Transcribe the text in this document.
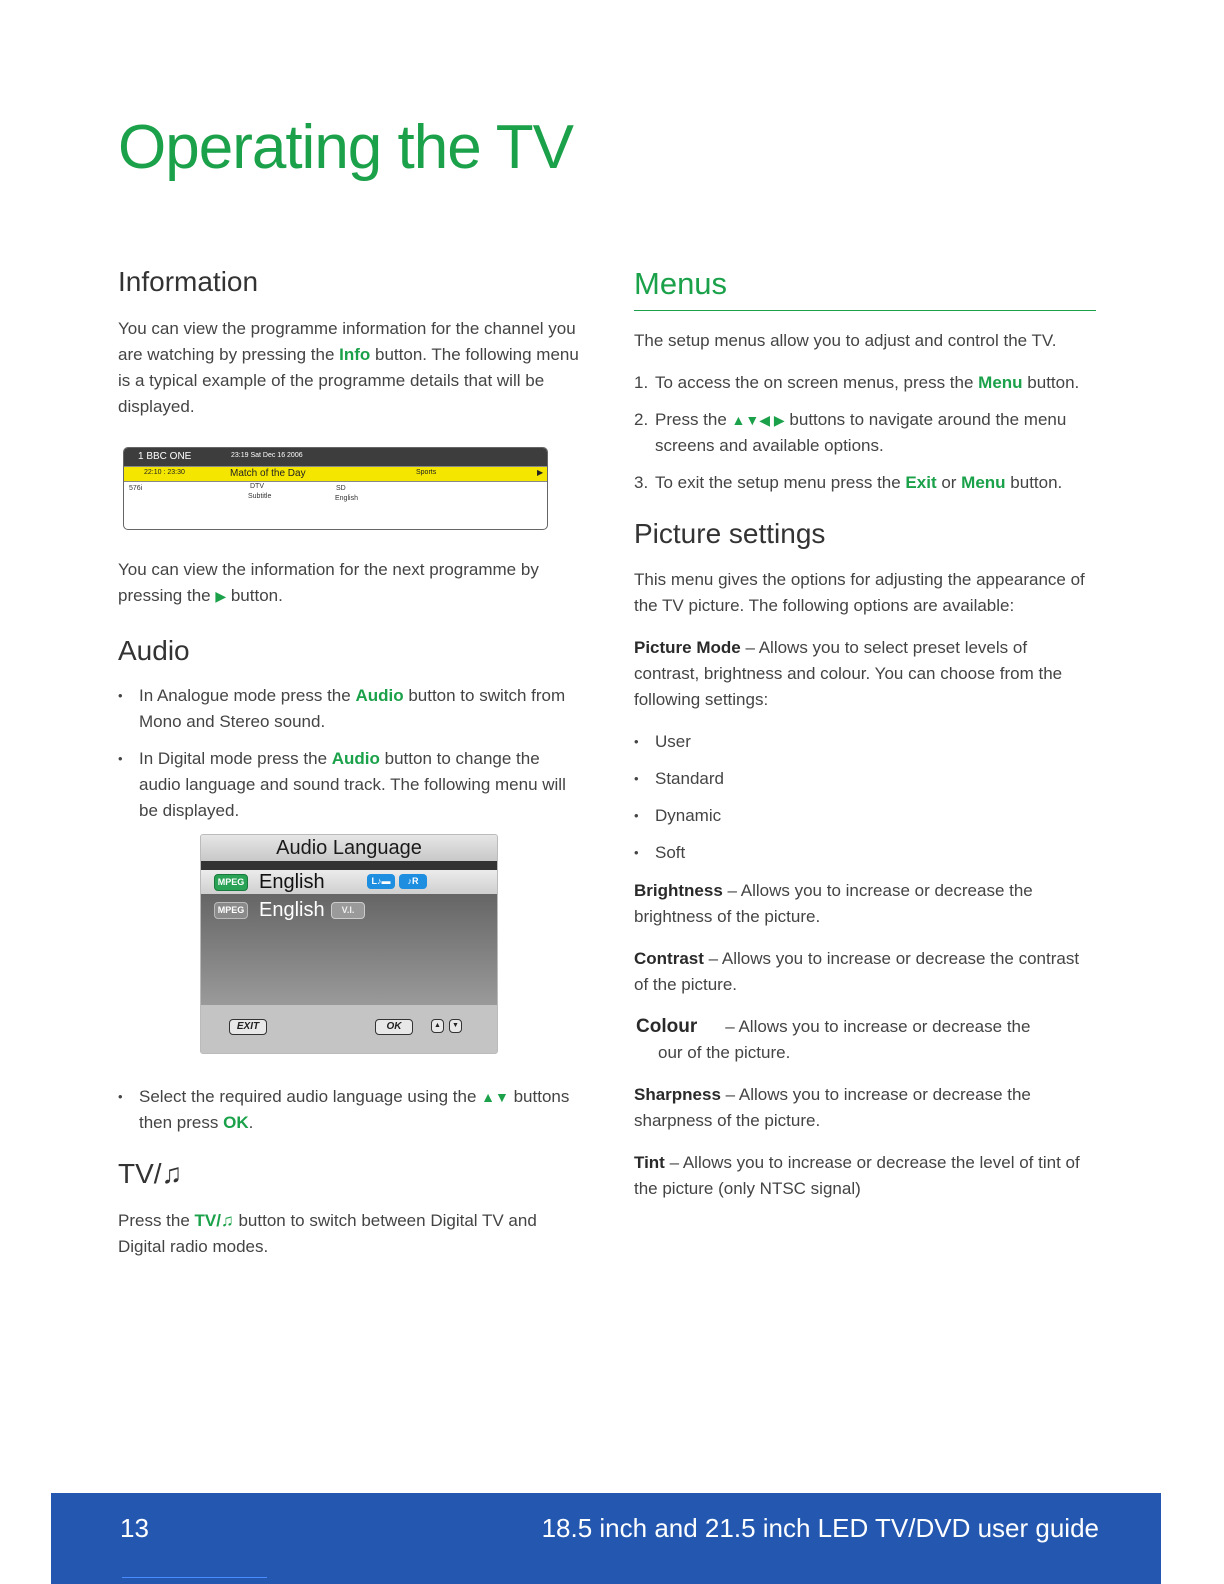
Operating the TV
Information

You can view the programme information for the channel you are watching by pressing the Info button. The following menu is a typical example of the programme details that will be displayed.

1 BBC ONE	23:19 Sat Dec 16 2006
22:10 : 23:30	Match of the Day	Sports	▶
576i	DTV
Subtitle
SD
English

You can view the information for the next programme by pressing the ▶ button.

Audio
• In Analogue mode press the Audio button to switch from Mono and Stereo sound.
• In Digital mode press the Audio button to change the audio language and sound track. The following menu will be displayed.
Audio Language
MPEG English	L♪▬	♪R
MPEG English	V.I.
EXIT	OK	▲	▼
• Select the required audio language using the ▲▼ buttons then press OK.
TV/♫

Press the TV/♫ button to switch between Digital TV and Digital radio modes.

Menus

The setup menus allow you to adjust and control the TV.

1. To access the on screen menus, press the Menu button.
2. Press the ▲▼◀ ▶ buttons to navigate around the menu screens and available options.
3. To exit the setup menu press the Exit or Menu button.
Picture settings

This menu gives the options for adjusting the appearance of the TV picture. The following options are available:

Picture Mode – Allows you to select preset levels of contrast, brightness and colour. You can choose from the following settings:

• User
• Standard
• Dynamic
• Soft

Brightness – Allows you to increase or decrease the brightness of the picture.

Contrast – Allows you to increase or decrease the contrast of the picture.

Colour – Allows you to increase or decrease the
our of the picture.

Sharpness – Allows you to increase or decrease the sharpness of the picture.

Tint – Allows you to increase or decrease the level of tint of the picture (only NTSC signal)

13	18.5 inch and 21.5 inch LED TV/DVD user guide
